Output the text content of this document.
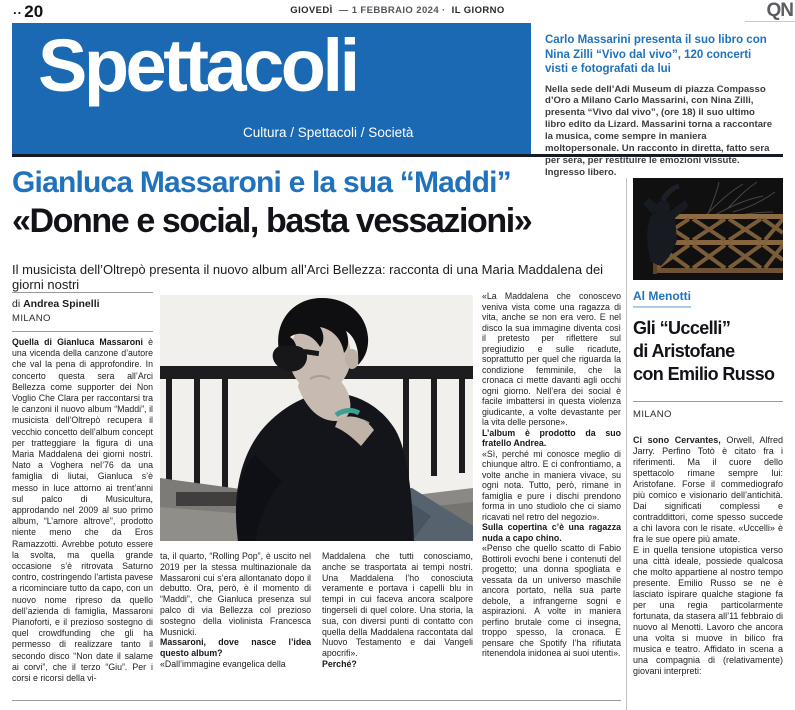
.. 20	GIOVEDÌ — 1 FEBBRAIO 2024 · IL GIORNO	QN
Spettacoli
Cultura / Spettacoli / Società
Carlo Massarini presenta il suo libro con Nina Zilli “Vivo dal vivo”, 120 concerti visti e fotografati da lui
Nella sede dell’Adi Museum di piazza Compasso d’Oro a Milano Carlo Massarini, con Nina Zilli, presenta “Vivo dal vivo”, (ore 18) il suo ultimo libro edito da Lizard. Massarini torna a raccontare la musica, come sempre in maniera moltopersonale. Un racconto in diretta, fatto sera per sera, per restituire le emozioni vissute. Ingresso libero.
Gianluca Massaroni e la sua “Maddi”
«Donne e social, basta vessazioni»
Il musicista dell’Oltrepò presenta il nuovo album all’Arci Bellezza: racconta di una Maria Maddalena dei giorni nostri
di Andrea Spinelli
MILANO

Quella di Gianluca Massaroni è una vicenda della canzone d’autore che val la pena di approfondire. In concerto questa sera all’Arci Bellezza come supporter dei Non Voglio Che Clara per raccontarsi tra le canzoni il nuovo album “Maddi”, il musicista dell’Oltrepò recupera il vecchio concetto dell’album concept per tratteggiare la figura di una Maria Maddalena dei giorni nostri. Nato a Voghera nel’76 da una famiglia di liutai, Gianluca s’è messo in luce attorno ai trent’anni sul palco di Musicultura, approdando nel 2009 al suo primo album, “L’amore altrove”, prodotto niente meno che da Eros Ramazzotti. Avrebbe potuto essere la svolta, ma quella grande occasione s’è ritrovata Saturno contro, costringendo l’artista pavese a ricominciare tutto da capo, con un nuovo nome ripreso da quello dell’azienda di famiglia, Massaroni Pianoforti, e il prezioso sostegno di quel crowdfunding che gli ha permesso di realizzare tanto il secondo disco “Non date il salame ai corvi”, che il terzo “Giu”. Per i corsi e ricorsi della vi-

ta, il quarto, “Rolling Pop”, è uscito nel 2019 per la stessa multinazionale da Massaroni cui s’era allontanato dopo il debutto. Ora, però, è il momento di “Maddi”, che Gianluca presenza sul palco di via Bellezza col prezioso sostegno della violinista Francesca Musnicki.

Massaroni, dove nasce l’idea questo album?

«Dall’immagine evangelica della

Maddalena che tutti conosciamo, anche se trasportata ai tempi nostri. Una Maddalena l’ho conosciuta veramente e portava i capelli blu in tempi in cui faceva ancora scalpore tingerseli di quel colore. Una storia, la sua, con diversi punti di contatto con quella della Maddalena raccontata dal Nuovo Testamento e dai Vangeli apocrifi».

Perché?

«La Maddalena che conoscevo veniva vista come una ragazza di vita, anche se non era vero. E nel disco la sua immagine diventa così il pretesto per riflettere sul pregiudizio e sulle ricadute, soprattutto per quel che riguarda la condizione femminile, che la cronaca ci mette davanti agli occhi ogni giorno. Nell’era dei social è facile imbattersi in questa violenza giudicante, a volte devastante per la vita delle persone».

L’album è prodotto da suo fratello Andrea.

«Sì, perché mi conosce meglio di chiunque altro. E ci confrontiamo, a volte anche in maniera vivace, su ogni nota. Tutto, però, rimane in famiglia e pure i dischi prendono forma in uno studiolo che ci siamo ricavati nel retro del negozio».

Sulla copertina c’è una ragazza nuda a capo chino.

«Penso che quello scatto di Fabio Bottiroli evochi bene i contenuti del progetto; una donna spogliata e vessata da un universo maschile ancora portato, nella sua parte debole, a infrangerne sogni e aspirazioni. A volte in maniera perfino brutale come ci insegna, troppo spesso, la cronaca. E pensare che Spotify l’ha rifiutata ritenendola inidonea ai suoi utenti».

Al Menotti
Gli “Uccelli”
di Aristofane
con Emilio Russo
MILANO

Ci sono Cervantes, Orwell, Alfred Jarry. Perfino Totò è citato fra i riferimenti. Ma il cuore dello spettacolo rimane sempre lui: Aristofane. Forse il commediografo più comico e visionario dell’antichità. Dai significati complessi e contraddittori, come spesso succede a chi lavora con le risate. «Uccelli» è fra le sue opere più amate.

E in quella tensione utopistica verso una città ideale, possiede qualcosa che molto appartiene al nostro tempo presente. Emilio Russo se ne è lasciato ispirare qualche stagione fa per una regia particolarmente fortunata, da stasera all’11 febbraio di nuovo al Menotti. Lavoro che ancora una volta si muove in bilico fra musica e teatro. Affidato in scena a una compagnia di (relativamente) giovani interpreti:
